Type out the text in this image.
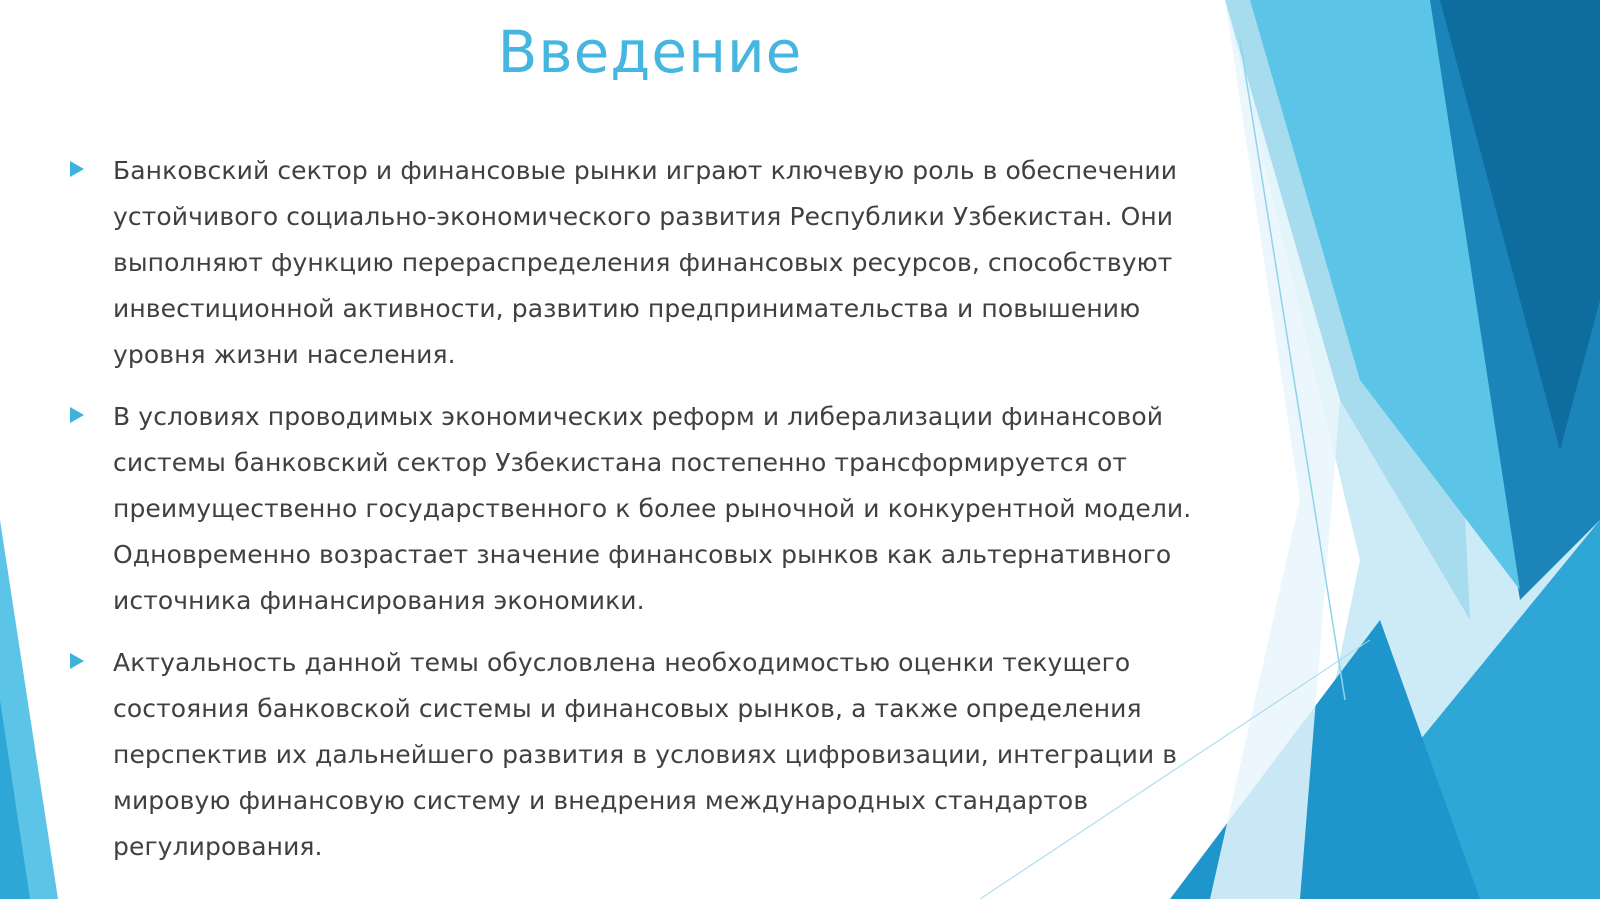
Введение
Банковский сектор и финансовые рынки играют ключевую роль в обеспечении устойчивого социально-экономического развития Республики Узбекистан. Они выполняют функцию перераспределения финансовых ресурсов, способствуют инвестиционной активности, развитию предпринимательства и повышению уровня жизни населения.
В условиях проводимых экономических реформ и либерализации финансовой системы банковский сектор Узбекистана постепенно трансформируется от преимущественно государственного к более рыночной и конкурентной модели. Одновременно возрастает значение финансовых рынков как альтернативного источника финансирования экономики.
Актуальность данной темы обусловлена необходимостью оценки текущего состояния банковской системы и финансовых рынков, а также определения перспектив их дальнейшего развития в условиях цифровизации, интеграции в мировую финансовую систему и внедрения международных стандартов регулирования.
